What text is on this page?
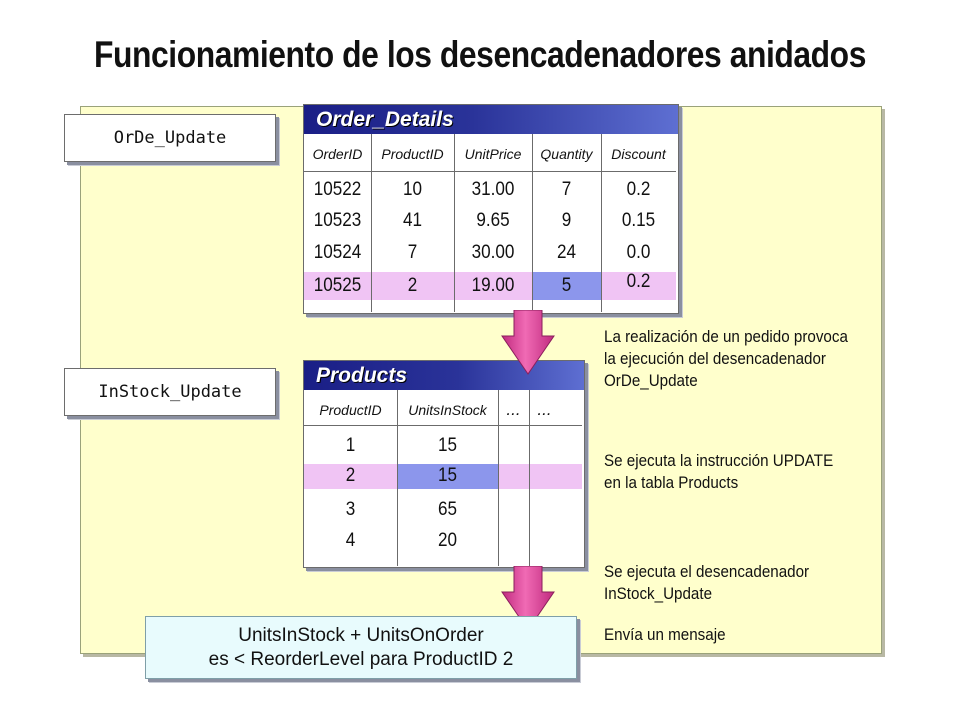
Funcionamiento de los desencadenadores anidados
OrDe_Update
InStock_Update
Order_Details
OrderID	ProductID	UnitPrice	Quantity	Discount
10522	10	31.00	7	0.2
10523	41	9.65	9	0.15
10524	7	30.00	24	0.0
10525	2	19.00	5	0.2
Products
ProductID	UnitsInStock	... ...
1	15
2	15
3	65
4	20
La realización de un pedido provoca la ejecución del desencadenador OrDe_Update
Se ejecuta la instrucción UPDATE en la tabla Products
Se ejecuta el desencadenador InStock_Update
Envía un mensaje
UnitsInStock + UnitsOnOrder
es < ReorderLevel para ProductID 2
